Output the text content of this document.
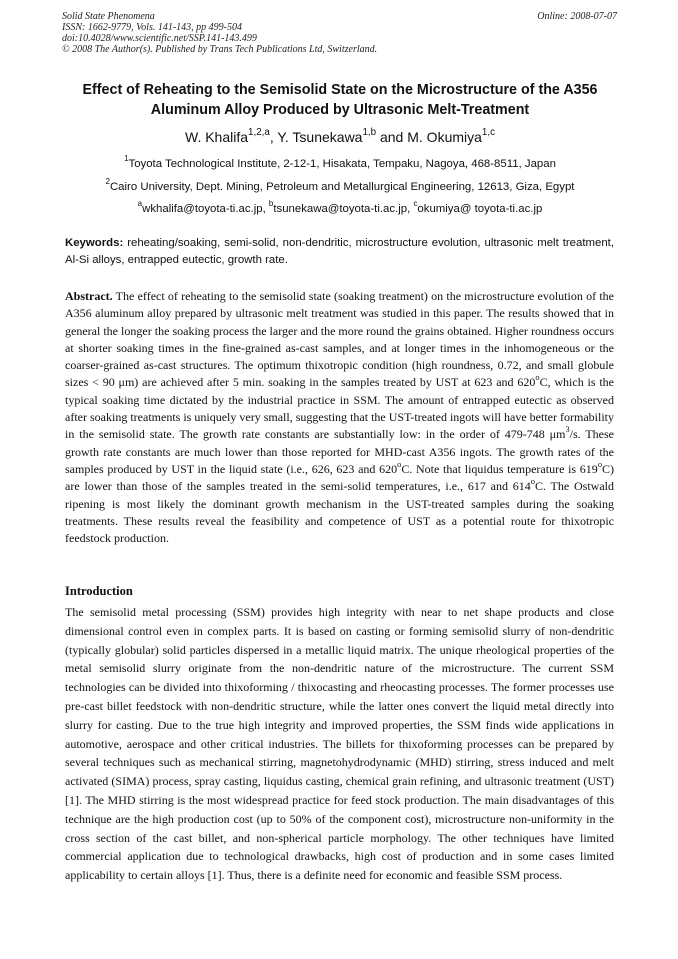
Solid State Phenomena
ISSN: 1662-9779, Vols. 141-143, pp 499-504
doi:10.4028/www.scientific.net/SSP.141-143.499
© 2008 The Author(s). Published by Trans Tech Publications Ltd, Switzerland.
Online: 2008-07-07
Effect of Reheating to the Semisolid State on the Microstructure of the A356 Aluminum Alloy Produced by Ultrasonic Melt-Treatment
W. Khalifa$^{1,2,a}$, Y. Tsunekawa$^{1,b}$ and M. Okumiya$^{1,c}$
$^1$Toyota Technological Institute, 2-12-1, Hisakata, Tempaku, Nagoya, 468-8511, Japan
$^2$Cairo University, Dept. Mining, Petroleum and Metallurgical Engineering, 12613, Giza, Egypt
$^a$wkhalifa@toyota-ti.ac.jp, $^b$tsunekawa@toyota-ti.ac.jp, $^c$okumiya@ toyota-ti.ac.jp
Keywords: reheating/soaking, semi-solid, non-dendritic, microstructure evolution, ultrasonic melt treatment, Al-Si alloys, entrapped eutectic, growth rate.
Abstract. The effect of reheating to the semisolid state (soaking treatment) on the microstructure evolution of the A356 aluminum alloy prepared by ultrasonic melt treatment was studied in this paper. The results showed that in general the longer the soaking process the larger and the more round the grains obtained. Higher roundness occurs at shorter soaking times in the fine-grained as-cast samples, and at longer times in the inhomogeneous or the coarser-grained as-cast structures. The optimum thixotropic condition (high roundness, 0.72, and small globule sizes < 90 μm) are achieved after 5 min. soaking in the samples treated by UST at 623 and 620$^o$C, which is the typical soaking time dictated by the industrial practice in SSM. The amount of entrapped eutectic as observed after soaking treatments is uniquely very small, suggesting that the UST-treated ingots will have better formability in the semisolid state. The growth rate constants are substantially low: in the order of 479-748 $\mu m^3/s$. These growth rate constants are much lower than those reported for MHD-cast A356 ingots. The growth rates of the samples produced by UST in the liquid state (i.e., 626, 623 and 620$^o$C. Note that liquidus temperature is 619$^o$C) are lower than those of the samples treated in the semi-solid temperatures, i.e., 617 and 614$^o$C. The Ostwald ripening is most likely the dominant growth mechanism in the UST-treated samples during the soaking treatments. These results reveal the feasibility and competence of UST as a potential route for thixotropic feedstock production.
Introduction
The semisolid metal processing (SSM) provides high integrity with near to net shape products and close dimensional control even in complex parts. It is based on casting or forming semisolid slurry of non-dendritic (typically globular) solid particles dispersed in a metallic liquid matrix. The unique rheological properties of the metal semisolid slurry originate from the non-dendritic nature of the microstructure. The current SSM technologies can be divided into thixoforming / thixocasting and rheocasting processes. The former processes use pre-cast billet feedstock with non-dendritic structure, while the latter ones convert the liquid metal directly into slurry for casting. Due to the true high integrity and improved properties, the SSM finds wide applications in automotive, aerospace and other critical industries. The billets for thixoforming processes can be prepared by several techniques such as mechanical stirring, magnetohydrodynamic (MHD) stirring, stress induced and melt activated (SIMA) process, spray casting, liquidus casting, chemical grain refining, and ultrasonic treatment (UST) [1]. The MHD stirring is the most widespread practice for feed stock production. The main disadvantages of this technique are the high production cost (up to 50% of the component cost), microstructure non-uniformity in the cross section of the cast billet, and non-spherical particle morphology. The other techniques have limited commercial application due to technological drawbacks, high cost of production and in some cases limited applicability to certain alloys [1]. Thus, there is a definite need for economic and feasible SSM process.
